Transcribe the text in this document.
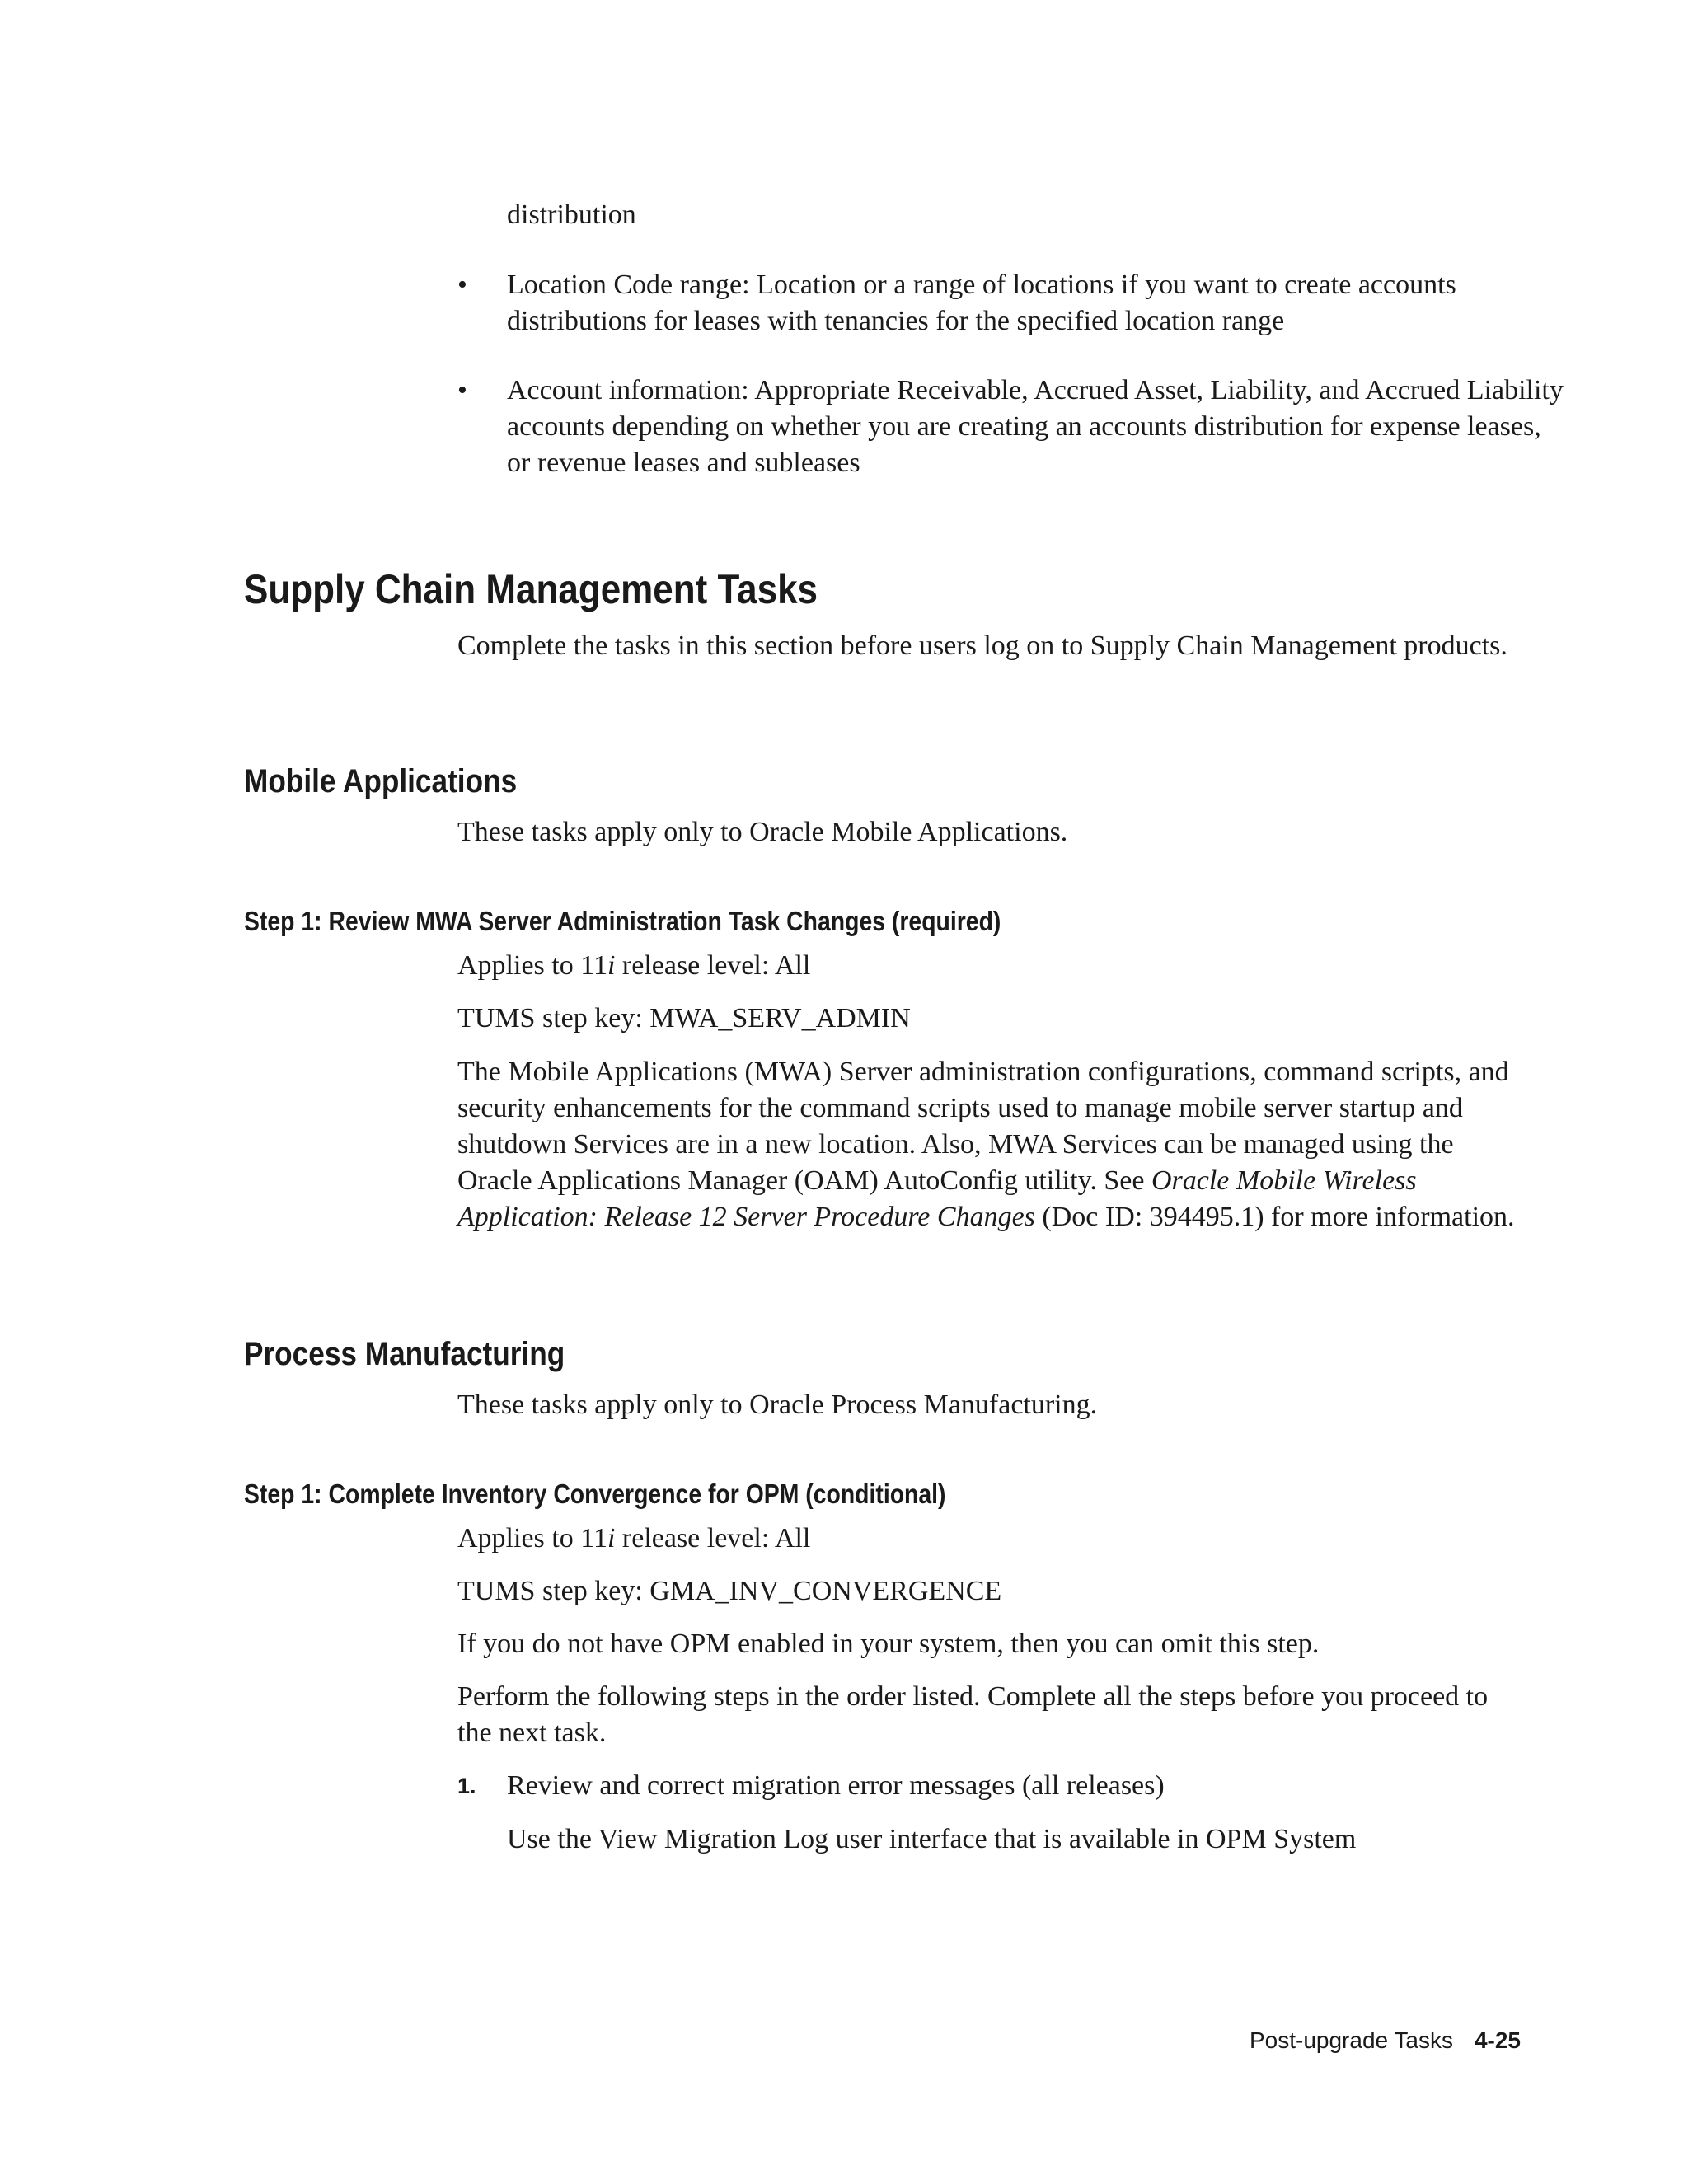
distribution
• Location Code range: Location or a range of locations if you want to create accounts distributions for leases with tenancies for the specified location range
• Account information: Appropriate Receivable, Accrued Asset, Liability, and Accrued Liability accounts depending on whether you are creating an accounts distribution for expense leases, or revenue leases and subleases
Supply Chain Management Tasks
Complete the tasks in this section before users log on to Supply Chain Management products.
Mobile Applications
These tasks apply only to Oracle Mobile Applications.
Step 1: Review MWA Server Administration Task Changes (required)
Applies to 11i release level: All
TUMS step key: MWA_SERV_ADMIN
The Mobile Applications (MWA) Server administration configurations, command scripts, and security enhancements for the command scripts used to manage mobile server startup and shutdown Services are in a new location. Also, MWA Services can be managed using the Oracle Applications Manager (OAM) AutoConfig utility. See Oracle Mobile Wireless Application: Release 12 Server Procedure Changes (Doc ID: 394495.1) for more information.
Process Manufacturing
These tasks apply only to Oracle Process Manufacturing.
Step 1: Complete Inventory Convergence for OPM (conditional)
Applies to 11i release level: All
TUMS step key: GMA_INV_CONVERGENCE
If you do not have OPM enabled in your system, then you can omit this step.
Perform the following steps in the order listed. Complete all the steps before you proceed to the next task.
1. Review and correct migration error messages (all releases)
Use the View Migration Log user interface that is available in OPM System
Post-upgrade Tasks 4-25
